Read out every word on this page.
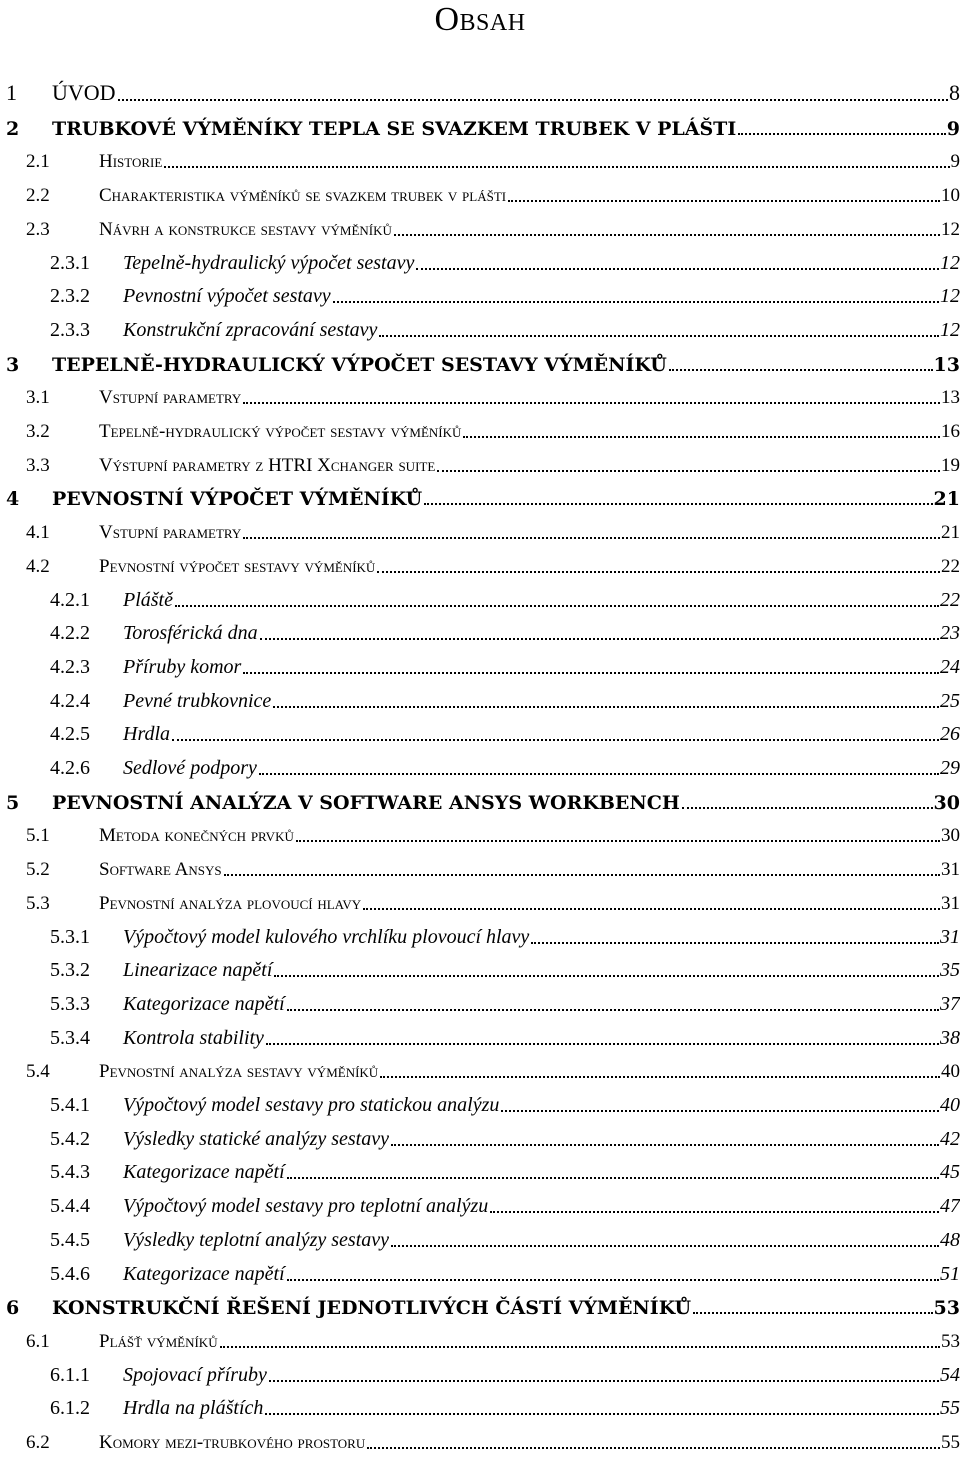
Obsah
1 ÚVOD	8
2 TRUBKOVÉ VÝMĚNÍKY TEPLA SE SVAZKEM TRUBEK V PLÁŠTI	9
2.1	Historie	9
2.2	Charakteristika výměníků se svazkem trubek v plášti	10
2.3	Návrh a konstrukce sestavy výměníků	12
2.3.1 Tepelně-hydraulický výpočet sestavy	12
2.3.2 Pevnostní výpočet sestavy	12
2.3.3 Konstrukční zpracování sestavy	12
3 TEPELNĚ-HYDRAULICKÝ VÝPOČET SESTAVY VÝMĚNÍKŮ	13
3.1	Vstupní parametry	13
3.2	Tepelně-hydraulický výpočet sestavy výměníků	16
3.3	Výstupní parametry z HTRI Xchanger suite	19
4 PEVNOSTNÍ VÝPOČET VÝMĚNÍKŮ	21
4.1	Vstupní parametry	21
4.2	Pevnostní výpočet sestavy výměníků	22
4.2.1 Pláště	22
4.2.2 Torosférická dna	23
4.2.3 Příruby komor	24
4.2.4 Pevné trubkovnice	25
4.2.5 Hrdla	26
4.2.6 Sedlové podpory	29
5 PEVNOSTNÍ ANALÝZA V SOFTWARE ANSYS WORKBENCH	30
5.1	Metoda konečných prvků	30
5.2	Software Ansys	31
5.3	Pevnostní analýza plovoucí hlavy	31
5.3.1 Výpočtový model kulového vrchlíku plovoucí hlavy	31
5.3.2 Linearizace napětí	35
5.3.3 Kategorizace napětí	37
5.3.4 Kontrola stability	38
5.4	Pevnostní analýza sestavy výměníků	40
5.4.1 Výpočtový model sestavy pro statickou analýzu	40
5.4.2 Výsledky statické analýzy sestavy	42
5.4.3 Kategorizace napětí	45
5.4.4 Výpočtový model sestavy pro teplotní analýzu	47
5.4.5 Výsledky teplotní analýzy sestavy	48
5.4.6 Kategorizace napětí	51
6 KONSTRUKČNÍ ŘEŠENÍ JEDNOTLIVÝCH ČÁSTÍ VÝMĚNÍKŮ	53
6.1	Plášť výměníků	53
6.1.1 Spojovací příruby	54
6.1.2 Hrdla na pláštích	55
6.2	Komory mezi-trubkového prostoru	55
